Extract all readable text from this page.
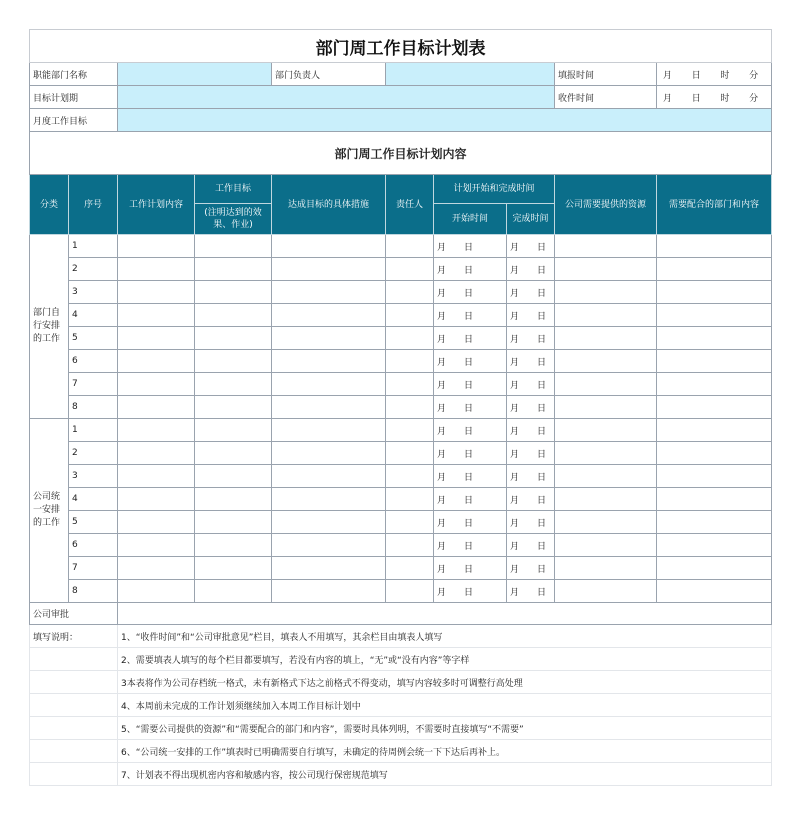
部门周工作目标计划表									
职能部门名称				部门负责人				填报时间	月 日 时 分

目标计划期								收件时间	月 日 时 分

月度工作目标									
部门周工作目标计划内容									
分类	序号	工作计划内容	工作目标	达成目标的具体措施	责任人	计划开始和完成时间		公司需要提供的资源	需要配合的部门和内容
			(注明达到的效果、作业)			开始时间	完成时间		
部门自行安排的工作	1					月 日	月 日		

	2					月 日	月 日		

	3					月 日	月 日		

	4					月 日	月 日		

	5					月 日	月 日		

	6					月 日	月 日		

	7					月 日	月 日		

	8					月 日	月 日		

公司统一安排的工作	1					月 日	月 日		

	2					月 日	月 日		

	3					月 日	月 日		

	4					月 日	月 日		

	5					月 日	月 日		

	6					月 日	月 日		

	7					月 日	月 日		

	8					月 日	月 日		

公司审批									
填写说明：		1、“收件时间”和“公司审批意见”栏目，填表人不用填写，其余栏目由填表人填写							
		2、需要填表人填写的每个栏目都要填写，若没有内容的填上，“无”或“没有内容”等字样							
		3本表将作为公司存档统一格式，未有新格式下达之前格式不得变动，填写内容较多时可调整行高处理							
		4、本周前未完成的工作计划须继续加入本周工作目标计划中							
		5、“需要公司提供的资源”和“需要配合的部门和内容”，需要时具体列明，不需要时直接填写“不需要”							
		6、“公司统一安排的工作”填表时已明确需要自行填写，未确定的待周例会统一下下达后再补上。							
		7、计划表不得出现机密内容和敏感内容，按公司现行保密规范填写							
